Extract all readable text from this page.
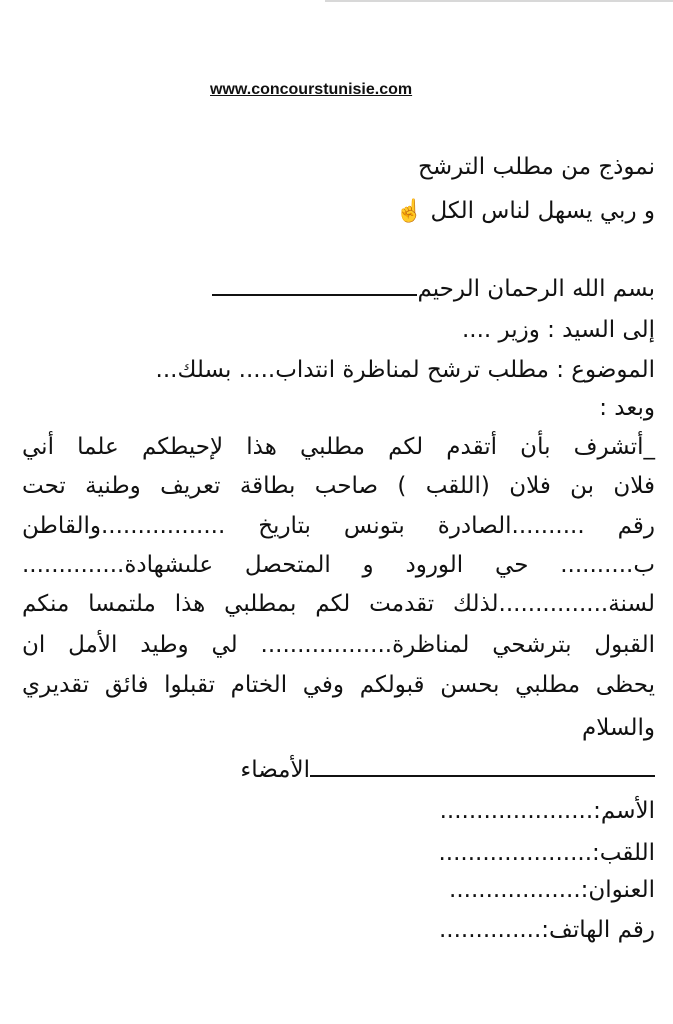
www.concourstunisie.com
نموذج من مطلب الترشح
و ربي يسهل لناس الكل ☝️
بسم الله الرحمان الرحيم
إلى السيد : وزير ....
الموضوع : مطلب ترشح لمناظرة انتداب..... بسلك...
وبعد :
_أتشرف بأن أتقدم لكم مطلبي هذا لإحيطكم علما أني
فلان بن فلان (اللقب ) صاحب بطاقة تعريف وطنية تحت
رقم ..........الصادرة بتونس بتاريخ .................والقاطن
ب.......... حي الورود و المتحصل علىشهادة..............
لسنة...............لذلك تقدمت لكم بمطلبي هذا ملتمسا منكم
القبول بترشحي لمناظرة.................. لي وطيد الأمل ان
يحظى مطلبي بحسن قبولكم وفي الختام تقبلوا فائق تقديري
والسلام
الأمضاء
الأسم:.....................
اللقب:.....................
العنوان:..................
رقم الهاتف:..............
